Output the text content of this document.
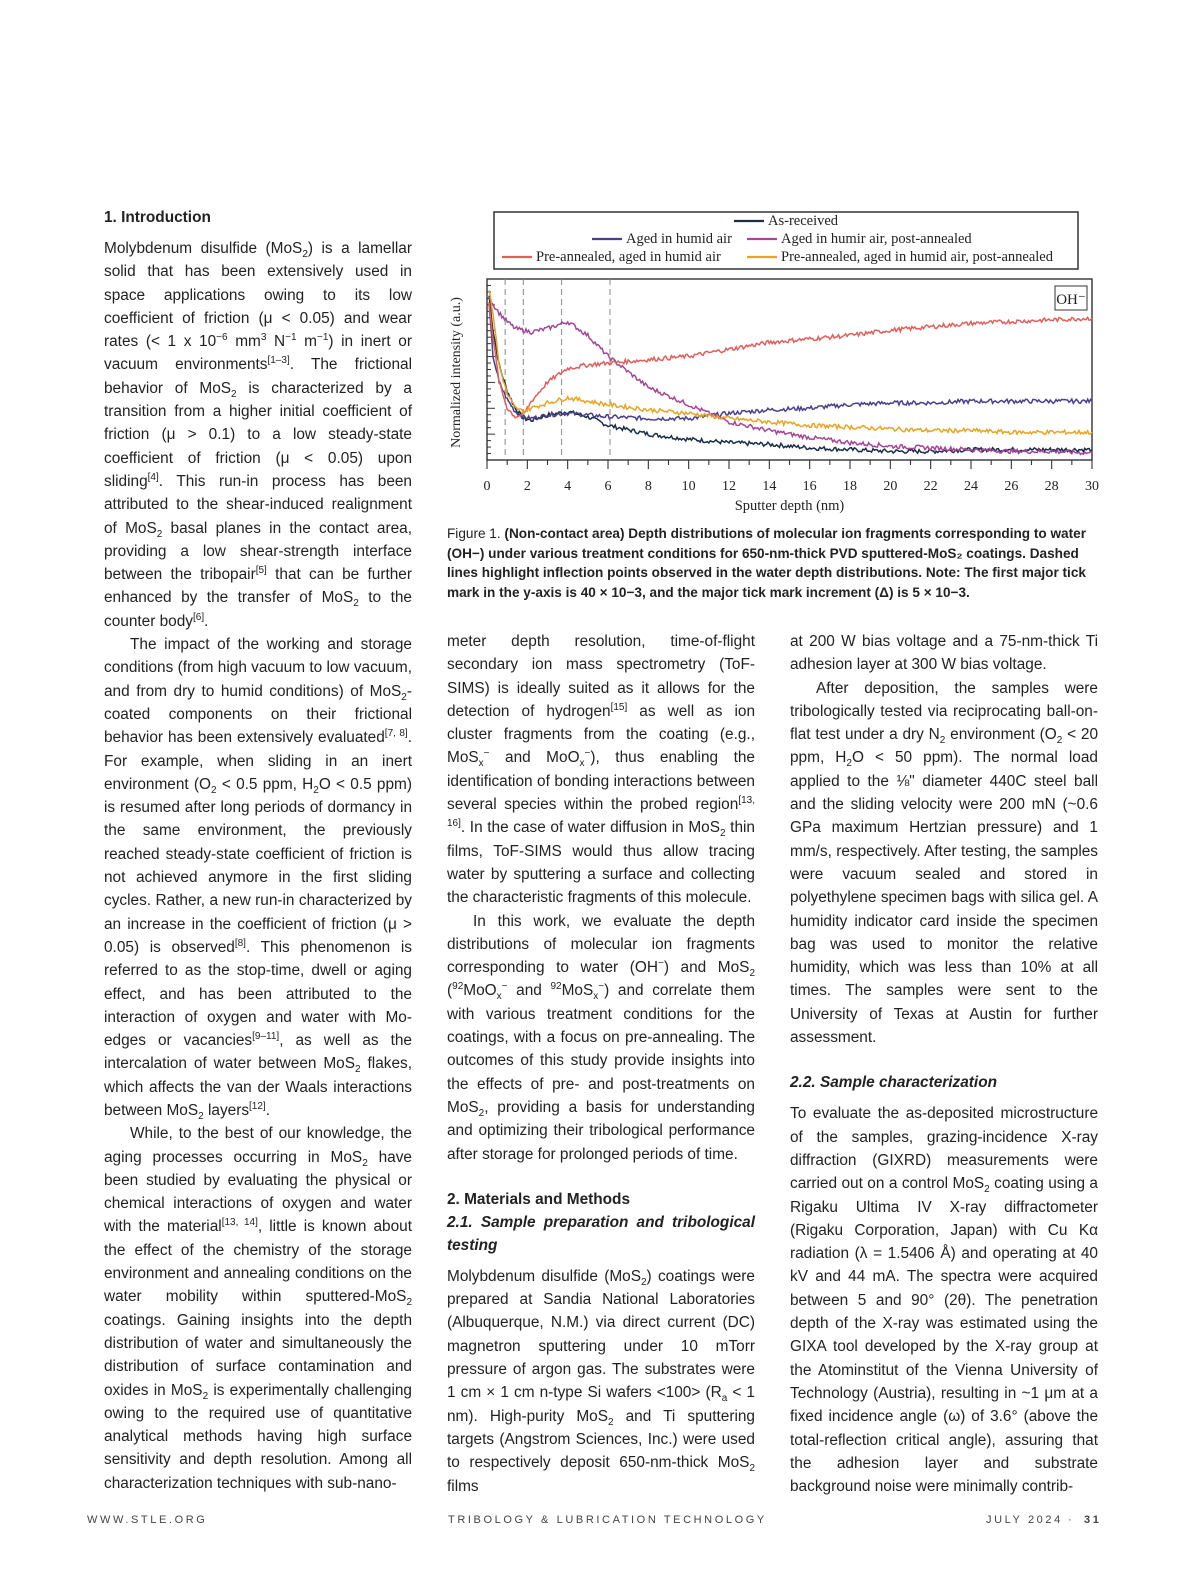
1. Introduction

Molybdenum disulfide (MoS$_2$) is a lamellar solid that has been extensively used in space applications owing to its low coefficient of friction (μ < 0.05) and wear rates (< 1 x $10^{-6}$ $mm^3$ $N^{-1}$ $m^{-1}$) in inert or vacuum environments[1–3]. The frictional behavior of MoS$_2$ is characterized by a transition from a higher initial coefficient of friction (μ > 0.1) to a low steady-state coefficient of friction (μ < 0.05) upon sliding[4]. This run-in process has been attributed to the shear-induced realignment of MoS$_2$ basal planes in the contact area, providing a low shear-strength interface between the tribopair[5] that can be further enhanced by the transfer of MoS$_2$ to the counter body[6].

The impact of the working and storage conditions (from high vacuum to low vacuum, and from dry to humid conditions) of MoS$_2$-coated components on their frictional behavior has been extensively evaluated[7, 8]. For example, when sliding in an inert environment ($O_2 < 0.5$ ppm, $H_2O < 0.5$ ppm) is resumed after long periods of dormancy in the same environment, the previously reached steady-state coefficient of friction is not achieved anymore in the first sliding cycles. Rather, a new run-in characterized by an increase in the coefficient of friction (μ > 0.05) is observed[8]. This phenomenon is referred to as the stop-time, dwell or aging effect, and has been attributed to the interaction of oxygen and water with Mo-edges or vacancies[9–11], as well as the intercalation of water between MoS$_2$ flakes, which affects the van der Waals interactions between MoS$_2$ layers[12].

While, to the best of our knowledge, the aging processes occurring in MoS$_2$ have been studied by evaluating the physical or chemical interactions of oxygen and water with the material[13, 14], little is known about the effect of the chemistry of the storage environment and annealing conditions on the water mobility within sputtered-MoS$_2$ coatings. Gaining insights into the depth distribution of water and simultaneously the distribution of surface contamination and oxides in MoS$_2$ is experimentally challenging owing to the required use of quantitative analytical methods having high surface sensitivity and depth resolution. Among all characterization techniques with sub-nano-

As-received
Aged in humid air	Aged in humir air, post-annealed
Pre-annealed, aged in humid air	Pre-annealed, aged in humid air, post-annealed
0 2 4 6 8 10 12 14 16 18 20 22 24 26 28 30
Sputter depth (nm)
Normalized intensity (a.u.)	OH⁻
Figure 1. (Non-contact area) Depth distributions of molecular ion fragments corresponding to water (OH−) under various treatment conditions for 650-nm-thick PVD sputtered-MoS₂ coatings. Dashed lines highlight inflection points observed in the water depth distributions. Note: The first major tick mark in the y-axis is 40 × 10−3, and the major tick mark increment (Δ) is 5 × 10−3.

meter depth resolution, time-of-flight secondary ion mass spectrometry (ToF-SIMS) is ideally suited as it allows for the detection of hydrogen[15] as well as ion cluster fragments from the coating (e.g., MoS$_x$− and MoO$_x$−), thus enabling the identification of bonding interactions between several species within the probed region[13, 16]. In the case of water diffusion in MoS$_2$ thin films, ToF-SIMS would thus allow tracing water by sputtering a surface and collecting the characteristic fragments of this molecule.

In this work, we evaluate the depth distributions of molecular ion fragments corresponding to water (OH−) and MoS$_2$ ($^{92}$MoO$_x$− and $^{92}$MoS$_x$−) and correlate them with various treatment conditions for the coatings, with a focus on pre-annealing. The outcomes of this study provide insights into the effects of pre- and post-treatments on MoS$_2$, providing a basis for understanding and optimizing their tribological performance after storage for prolonged periods of time.

2. Materials and Methods
2.1. Sample preparation and tribological testing

Molybdenum disulfide (MoS$_2$) coatings were prepared at Sandia National Laboratories (Albuquerque, N.M.) via direct current (DC) magnetron sputtering under 10 mTorr pressure of argon gas. The substrates were 1 cm × 1 cm n-type Si wafers $<100> (R_a < 1$ nm). High-purity MoS$_2$ and Ti sputtering targets (Angstrom Sciences, Inc.) were used to respectively deposit 650-nm-thick MoS$_2$ films

at 200 W bias voltage and a 75-nm-thick Ti adhesion layer at 300 W bias voltage.

After deposition, the samples were tribologically tested via reciprocating ball-on-flat test under a dry $N_2$ environment ($O_2 < 20$ ppm, $H_2O < 50$ ppm). The normal load applied to the ⅛" diameter 440C steel ball and the sliding velocity were 200 mN (~0.6 GPa maximum Hertzian pressure) and 1 mm/s, respectively. After testing, the samples were vacuum sealed and stored in polyethylene specimen bags with silica gel. A humidity indicator card inside the specimen bag was used to monitor the relative humidity, which was less than 10% at all times. The samples were sent to the University of Texas at Austin for further assessment.

2.2. Sample characterization

To evaluate the as-deposited microstructure of the samples, grazing-incidence X-ray diffraction (GIXRD) measurements were carried out on a control MoS$_2$ coating using a Rigaku Ultima IV X-ray diffractometer (Rigaku Corporation, Japan) with Cu Kα radiation (λ = 1.5406 Å) and operating at 40 kV and 44 mA. The spectra were acquired between 5 and 90° (2θ). The penetration depth of the X-ray was estimated using the GIXA tool developed by the X-ray group at the Atominstitut of the Vienna University of Technology (Austria), resulting in ~1 μm at a fixed incidence angle (ω) of 3.6° (above the total-reflection critical angle), assuring that the adhesion layer and substrate background noise were minimally contrib-

WWW.STLE.ORG	TRIBOLOGY & LUBRICATION TECHNOLOGY	JULY 2024 · 31
